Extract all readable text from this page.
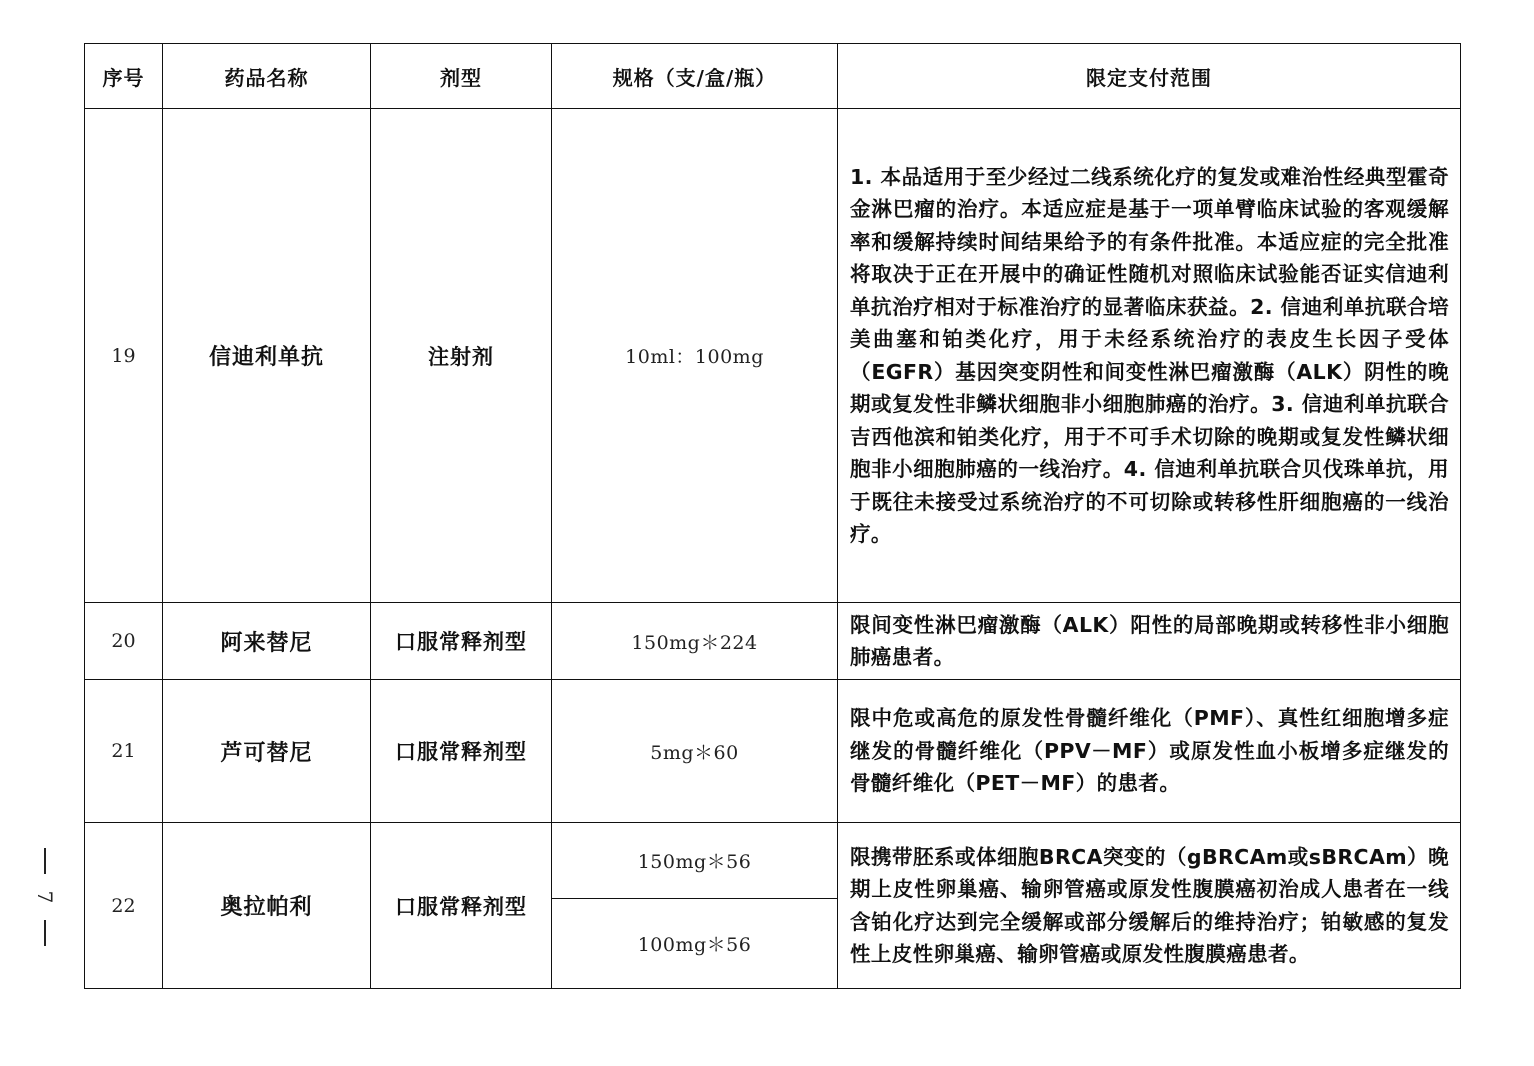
序号	药品名称	剂型	规格（支/盒/瓶）	限定支付范围
19	信迪利单抗	注射剂	10ml：100mg	1. 本品适用于至少经过二线系统化疗的复发或难治性经典型霍奇金淋巴瘤的治疗。本适应症是基于一项单臂临床试验的客观缓解率和缓解持续时间结果给予的有条件批准。本适应症的完全批准将取决于正在开展中的确证性随机对照临床试验能否证实信迪利单抗治疗相对于标准治疗的显著临床获益。2. 信迪利单抗联合培美曲塞和铂类化疗，用于未经系统治疗的表皮生长因子受体（EGFR）基因突变阴性和间变性淋巴瘤激酶（ALK）阴性的晚期或复发性非鳞状细胞非小细胞肺癌的治疗。3. 信迪利单抗联合吉西他滨和铂类化疗，用于不可手术切除的晚期或复发性鳞状细胞非小细胞肺癌的一线治疗。4. 信迪利单抗联合贝伐珠单抗，用于既往未接受过系统治疗的不可切除或转移性肝细胞癌的一线治疗。
20	阿来替尼	口服常释剂型	150mg＊224	限间变性淋巴瘤激酶（ALK）阳性的局部晚期或转移性非小细胞肺癌患者。
21	芦可替尼	口服常释剂型	5mg＊60	限中危或高危的原发性骨髓纤维化（PMF）、真性红细胞增多症继发的骨髓纤维化（PPV－MF）或原发性血小板增多症继发的骨髓纤维化（PET－MF）的患者。
22	奥拉帕利	口服常释剂型	150mg＊56	限携带胚系或体细胞BRCA突变的（gBRCAm或sBRCAm）晚期上皮性卵巢癌、输卵管癌或原发性腹膜癌初治成人患者在一线含铂化疗达到完全缓解或部分缓解后的维持治疗；铂敏感的复发性上皮性卵巢癌、输卵管癌或原发性腹膜癌患者。
			100mg＊56	
7
